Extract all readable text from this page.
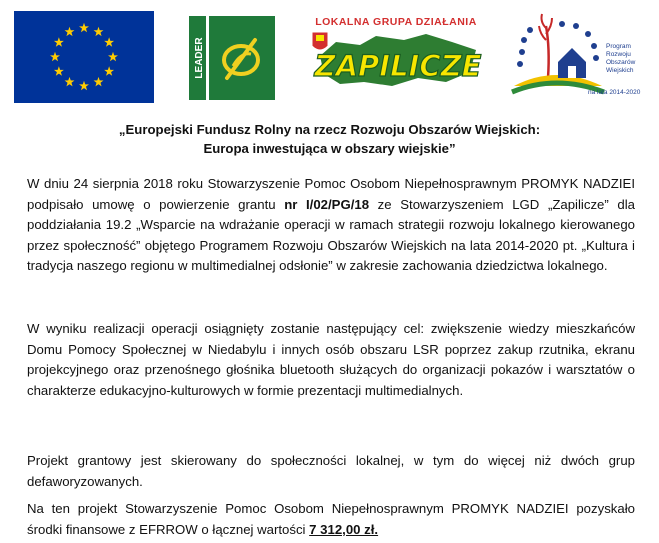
LEADER
LOKALNA GRUPA DZIAŁANIA
ZAPILICZE
Program
Rozwoju
Obszarów
Wiejskich
na lata 2014-2020
„Europejski Fundusz Rolny na rzecz Rozwoju Obszarów Wiejskich:
Europa inwestująca w obszary wiejskie”

W dniu 24 sierpnia 2018 roku Stowarzyszenie Pomoc Osobom Niepełnosprawnym PROMYK NADZIEI podpisało umowę o powierzenie grantu nr I/02/PG/18 ze Stowarzyszeniem LGD „Zapilicze” dla poddziałania 19.2 „Wsparcie na wdrażanie operacji w ramach strategii rozwoju lokalnego kierowanego przez społeczność” objętego Programem Rozwoju Obszarów Wiejskich na lata 2014-2020 pt. „Kultura i tradycja naszego regionu w multimedialnej odsłonie” w zakresie zachowania dziedzictwa lokalnego.

W wyniku realizacji operacji osiągnięty zostanie następujący cel: zwiększenie wiedzy mieszkańców Domu Pomocy Społecznej w Niedabylu i innych osób obszaru LSR poprzez zakup rzutnika, ekranu projekcyjnego oraz przenośnego głośnika bluetooth służących do organizacji pokazów i warsztatów o charakterze edukacyjno-kulturowych w formie prezentacji multimedialnych.

Projekt grantowy jest skierowany do społeczności lokalnej, w tym do więcej niż dwóch grup defaworyzowanych.

Na ten projekt Stowarzyszenie Pomoc Osobom Niepełnosprawnym PROMYK NADZIEI pozyskało środki finansowe z EFRROW o łącznej wartości 7 312,00 zł.
